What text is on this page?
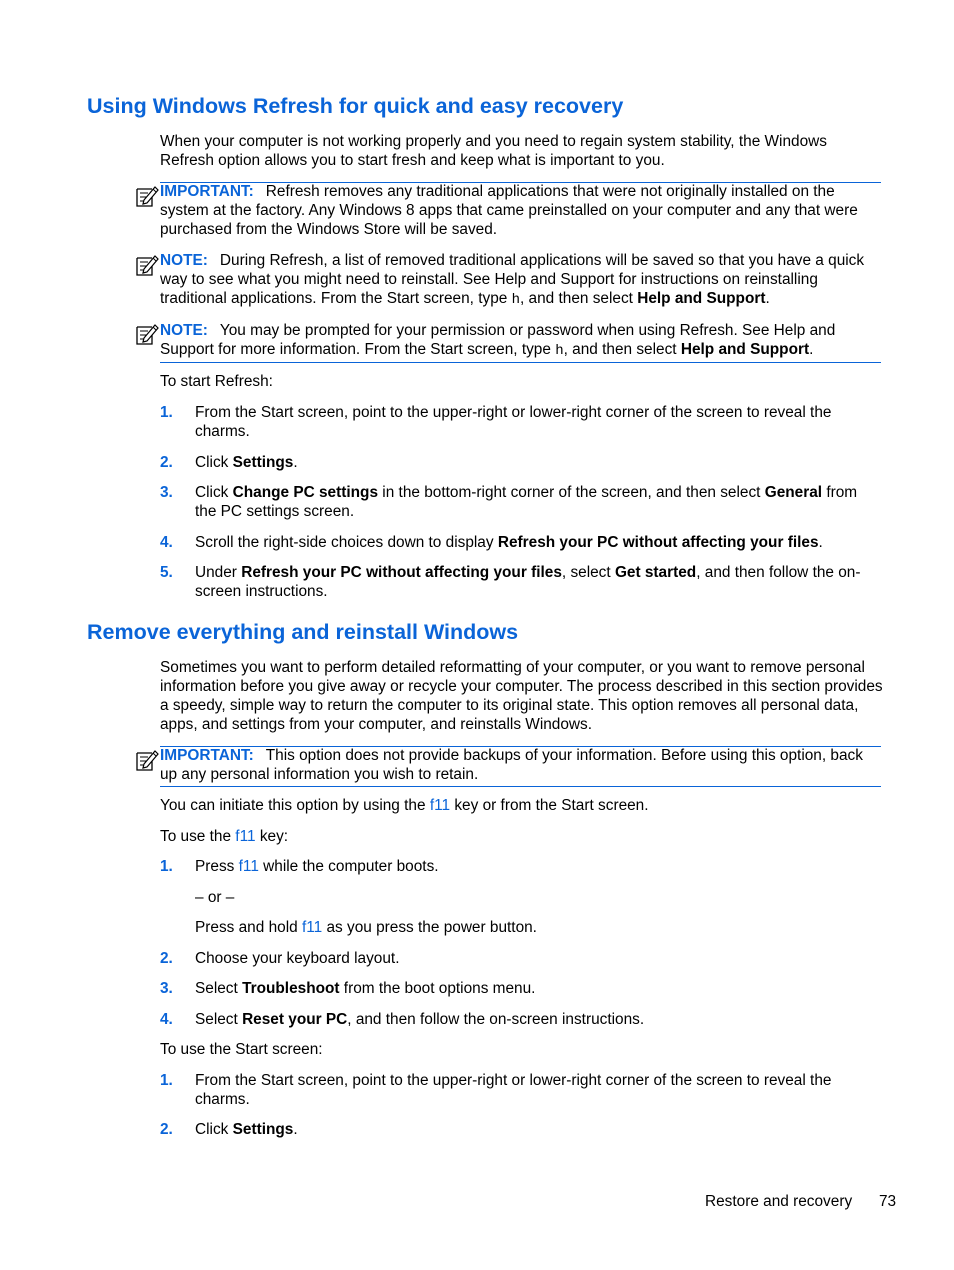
Using Windows Refresh for quick and easy recovery

When your computer is not working properly and you need to regain system stability, the Windows Refresh option allows you to start fresh and keep what is important to you.

IMPORTANT: Refresh removes any traditional applications that were not originally installed on the system at the factory. Any Windows 8 apps that came preinstalled on your computer and any that were purchased from the Windows Store will be saved.

NOTE: During Refresh, a list of removed traditional applications will be saved so that you have a quick way to see what you might need to reinstall. See Help and Support for instructions on reinstalling traditional applications. From the Start screen, type h, and then select Help and Support.

NOTE: You may be prompted for your permission or password when using Refresh. See Help and Support for more information. From the Start screen, type h, and then select Help and Support.

To start Refresh:

1. From the Start screen, point to the upper-right or lower-right corner of the screen to reveal the charms.

2. Click Settings.

3. Click Change PC settings in the bottom-right corner of the screen, and then select General from the PC settings screen.

4. Scroll the right-side choices down to display Refresh your PC without affecting your files.

5. Under Refresh your PC without affecting your files, select Get started, and then follow the on-screen instructions.

Remove everything and reinstall Windows

Sometimes you want to perform detailed reformatting of your computer, or you want to remove personal information before you give away or recycle your computer. The process described in this section provides a speedy, simple way to return the computer to its original state. This option removes all personal data, apps, and settings from your computer, and reinstalls Windows.

IMPORTANT: This option does not provide backups of your information. Before using this option, back up any personal information you wish to retain.

You can initiate this option by using the f11 key or from the Start screen.

To use the f11 key:

1. Press f11 while the computer boots.

– or –

Press and hold f11 as you press the power button.

2. Choose your keyboard layout.

3. Select Troubleshoot from the boot options menu.

4. Select Reset your PC, and then follow the on-screen instructions.

To use the Start screen:

1. From the Start screen, point to the upper-right or lower-right corner of the screen to reveal the charms.

2. Click Settings.

Restore and recovery 73
